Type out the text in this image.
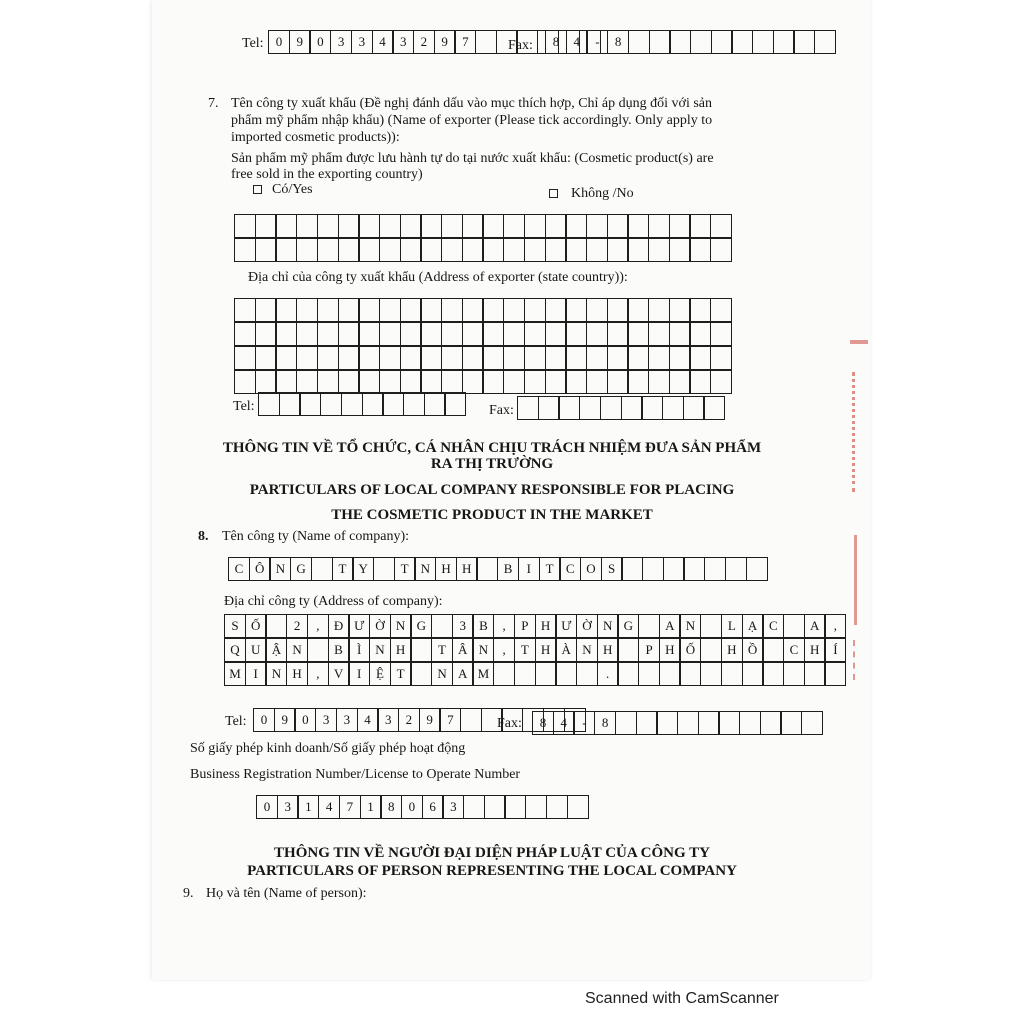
Tel: 0	9	0	3	3	4	3	2	9	7	Fax:	8	4	-	8
7. Tên công ty xuất khẩu (Đề nghị đánh dấu vào mục thích hợp, Chỉ áp dụng đối với sản
phẩm mỹ phẩm nhập khẩu) (Name of exporter (Please tick accordingly. Only apply to
imported cosmetic products)):
Sản phẩm mỹ phẩm được lưu hành tự do tại nước xuất khẩu: (Cosmetic product(s) are
free sold in the exporting country)
Có/Yes	Không /No
Địa chỉ của công ty xuất khẩu (Address of exporter (state country)):
Tel:	Fax:
THÔNG TIN VỀ TỔ CHỨC, CÁ NHÂN CHỊU TRÁCH NHIỆM ĐƯA SẢN PHẨM
RA THỊ TRƯỜNG
PARTICULARS OF LOCAL COMPANY RESPONSIBLE FOR PLACING
THE COSMETIC PRODUCT IN THE MARKET
8. Tên công ty (Name of company):
C Ô N G	T Y	T N H H	B	I	T C O S
Địa chỉ công ty (Address of company):
S Ố	2	,	Đ Ư Ờ N G	3	B	,	P H Ư Ờ N G	A N	L Ạ C	A	,
Q U Ậ N	B	Ì	N H	T Â N	,	T H À N H	P H Ố	H Ồ	C H	Í
M I	N H	,	V	I	Ệ T	N A M	.
Tel:	0	9	0	3	3	4	3	2	9	7	Fax:	8	4	-	8
Số giấy phép kinh doanh/Số giấy phép hoạt động
Business Registration Number/License to Operate Number
0	3	1	4	7	1	8	0	6	3
THÔNG TIN VỀ NGƯỜI ĐẠI DIỆN PHÁP LUẬT CỦA CÔNG TY
PARTICULARS OF PERSON REPRESENTING THE LOCAL COMPANY
9. Họ và tên (Name of person):
Scanned with CamScanner
